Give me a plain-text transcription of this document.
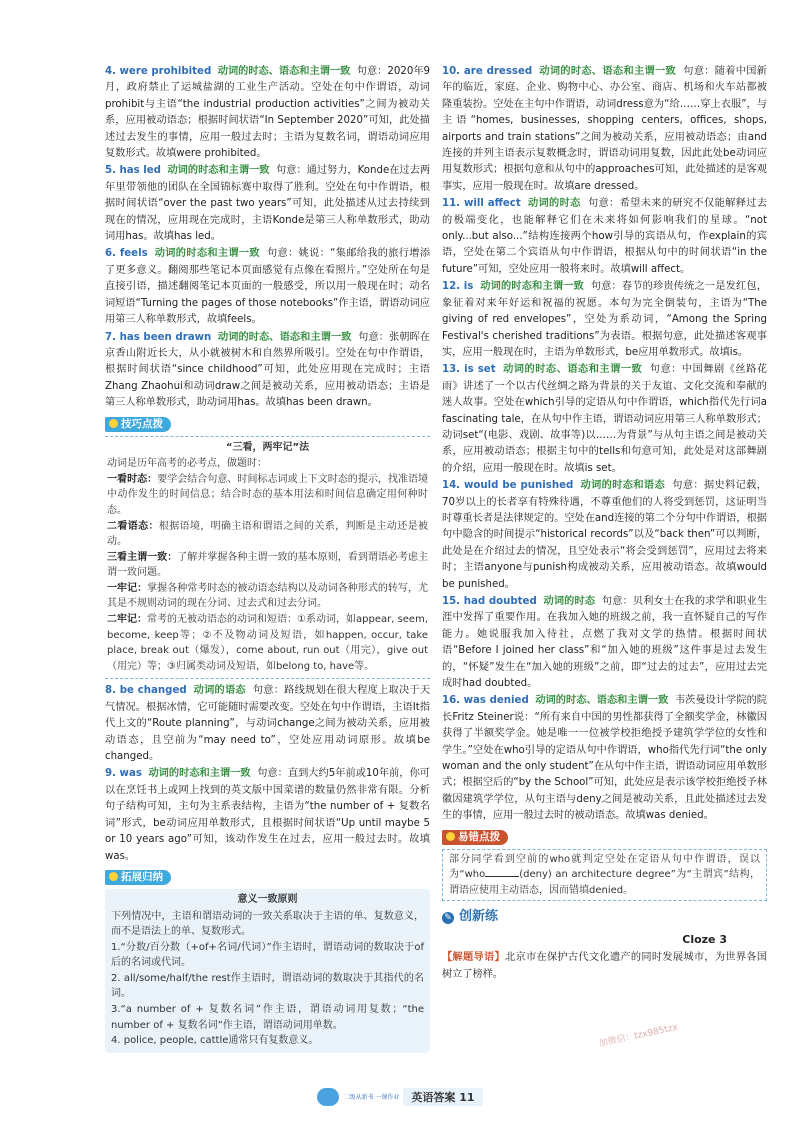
4. were prohibited 动词的时态、语态和主谓一致 句意：2020年9月，政府禁止了运城盐湖的工业生产活动。空处在句中作谓语，动词prohibit与主语“the industrial production activities”之间为被动关系，应用被动语态；根据时间状语“In September 2020”可知，此处描述过去发生的事情，应用一般过去时；主语为复数名词，谓语动词应用复数形式。故填were prohibited。
5. has led 动词的时态和主谓一致 句意：通过努力，Konde在过去两年里带领他的团队在全国锦标赛中取得了胜利。空处在句中作谓语，根据时间状语“over the past two years”可知，此处描述从过去持续到现在的情况，应用现在完成时，主语Konde是第三人称单数形式，助动词用has。故填has led。
6. feels 动词的时态和主谓一致 句意：姚说：“集邮给我的旅行增添了更多意义。翻阅那些笔记本页面感觉有点像在看照片。”空处所在句是直接引语，描述翻阅笔记本页面的一般感受，所以用一般现在时；动名词短语“Turning the pages of those notebooks”作主语，谓语动词应用第三人称单数形式，故填feels。
7. has been drawn 动词的时态、语态和主谓一致 句意：张朝晖在京香山附近长大，从小就被树木和自然界所吸引。空处在句中作谓语，根据时间状语“since childhood”可知，此处应用现在完成时；主语Zhang Zhaohui和动词draw之间是被动关系，应用被动语态；主语是第三人称单数形式，助动词用has。故填has been drawn。
技巧点拨
“三看，两牢记”法
动词是历年高考的必考点，做题时：
一看时态：要学会结合句意、时间标志词或上下文时态的提示，找准语境中动作发生的时间信息；结合时态的基本用法和时间信息确定用何种时态。
二看语态：根据语境，明确主语和谓语之间的关系，判断是主动还是被动。
三看主谓一致：了解并掌握各种主谓一致的基本原则，看到谓语必考虑主谓一致问题。
一牢记：掌握各种常考时态的被动语态结构以及动词各种形式的转写，尤其是不规则动词的现在分词、过去式和过去分词。
二牢记：常考的无被动语态的动词和短语：①系动词，如appear, seem, become, keep等；②不及物动词及短语，如happen, occur, take place, break out（爆发），come about, run out（用完），give out（用完）等；③归属类动词及短语，如belong to, have等。
8. be changed 动词的语态 句意：路线规划在很大程度上取决于天气情况。根据冰情，它可能随时需要改变。空处在句中作谓语，主语It指代上文的“Route planning”，与动词change之间为被动关系，应用被动语态，且空前为“may need to”，空处应用动词原形。故填be changed。
9. was 动词的时态和主谓一致 句意：直到大约5年前或10年前，你可以在烹饪书上或网上找到的英文版中国菜谱的数量仍然非常有限。分析句子结构可知，主句为主系表结构，主语为“the number of + 复数名词”形式，be动词应用单数形式，且根据时间状语“Up until maybe 5 or 10 years ago”可知，该动作发生在过去，应用一般过去时。故填was。
拓展归纳
意义一致原则
下列情况中，主语和谓语动词的一致关系取决于主语的单、复数意义，而不是语法上的单、复数形式。
1.“分数/百分数（+of+名词/代词）”作主语时，谓语动词的数取决于of后的名词或代词。
2. all/some/half/the rest作主语时，谓语动词的数取决于其指代的名词。
3.“a number of + 复数名词”作主语，谓语动词用复数；“the number of + 复数名词”作主语，谓语动词用单数。
4. police, people, cattle通常只有复数意义。
10. are dressed 动词的时态、语态和主谓一致 句意：随着中国新年的临近，家庭、企业、购物中心、办公室、商店、机场和火车站都被隆重装扮。空处在主句中作谓语，动词dress意为“给……穿上衣服”，与主语“homes, businesses, shopping centers, offices, shops, airports and train stations”之间为被动关系，应用被动语态；由and连接的并列主语表示复数概念时，谓语动词用复数，因此此处be动词应用复数形式；根据句意和从句中的approaches可知，此处描述的是客观事实，应用一般现在时。故填are dressed。
11. will affect 动词的时态 句意：希望未来的研究不仅能解释过去的极端变化，也能解释它们在未来将如何影响我们的星球。“not only...but also...”结构连接两个how引导的宾语从句，作explain的宾语，空处在第二个宾语从句中作谓语，根据从句中的时间状语“in the future”可知，空处应用一般将来时。故填will affect。
12. is 动词的时态和主谓一致 句意：春节的珍贵传统之一是发红包，象征着对来年好运和祝福的祝愿。本句为完全倒装句，主语为“The giving of red envelopes”，空处为系动词，“Among the Spring Festival's cherished traditions”为表语。根据句意，此处描述客观事实，应用一般现在时，主语为单数形式，be应用单数形式。故填is。
13. is set 动词的时态、语态和主谓一致 句意：中国舞剧《丝路花雨》讲述了一个以古代丝绸之路为背景的关于友谊、文化交流和奉献的迷人故事。空处在which引导的定语从句中作谓语，which指代先行词a fascinating tale，在从句中作主语，谓语动词应用第三人称单数形式；动词set“(电影、戏剧、故事等)以……为背景”与从句主语之间是被动关系，应用被动语态；根据主句中的tells和句意可知，此处是对这部舞剧的介绍，应用一般现在时。故填is set。
14. would be punished 动词的时态和语态 句意：据史料记载，70岁以上的长者享有特殊待遇，不尊重他们的人将受到惩罚，这证明当时尊重长者是法律规定的。空处在and连接的第二个分句中作谓语，根据句中隐含的时间提示“historical records”以及“back then”可以判断，此处是在介绍过去的情况，且空处表示“将会受到惩罚”，应用过去将来时；主语anyone与punish构成被动关系，应用被动语态。故填would be punished。
15. had doubted 动词的时态 句意：贝利女士在我的求学和职业生涯中发挥了重要作用。在我加入她的班级之前，我一直怀疑自己的写作能力。她说服我加入待社，点燃了我对文学的热情。根据时间状语“Before I joined her class”和“加入她的班级”这件事是过去发生的，“怀疑”发生在“加入她的班级”之前，即“过去的过去”，应用过去完成时had doubted。
16. was denied 动词的时态、语态和主谓一致 韦茨曼设计学院的院长Fritz Steiner说：“所有来自中国的男性都获得了全额奖学金，林徽因获得了半额奖学金。她是唯一一位被学校拒绝授予建筑学学位的女性和学生。”空处在who引导的定语从句中作谓语，who指代先行词“the only woman and the only student”在从句中作主语，谓语动词应用单数形式；根据空后的“by the School”可知，此处应是表示该学校拒绝授予林徽因建筑学学位，从句主语与deny之间是被动关系，且此处描述过去发生的事情，应用一般过去时的被动语态。故填was denied。
易错点拨
部分同学看到空前的who就判定空处在定语从句中作谓语，误以为“who	(deny) an architecture degree”为“主谓宾”结构，谓语应使用主动语态，因而错填denied。
✎ 创新练
Cloze 3
【解题导语】北京市在保护古代文化遗产的同时发展城市，为世界各国树立了榜样。
加微信：tzx985tzx
二级从新书 一课作业	英语答案 11
